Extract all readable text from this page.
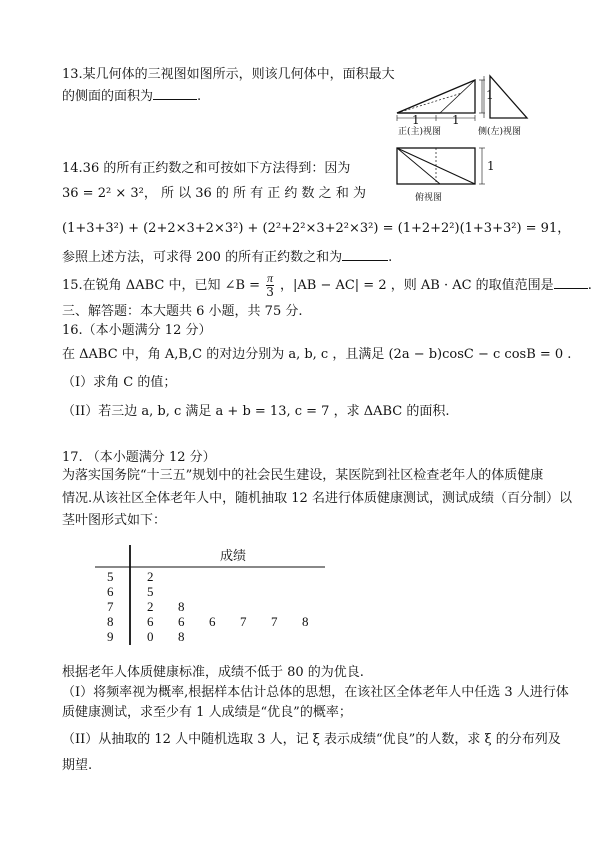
13.某几何体的三视图如图所示，则该几何体中，面积最大
的侧面的面积为	.
1	1
1
1
正(主)视图	侧(左)视图
俯视图
14.36 的所有正约数之和可按如下方法得到：因为
36 = 2² × 3²， 所 以 36 的 所 有 正 约 数 之 和 为
(1+3+3²) + (2+2×3+2×3²) + (2²+2²×3+2²×3²) = (1+2+2²)(1+3+3²) = 91，
参照上述方法，可求得 200 的所有正约数之和为	.
15.在锐角 ΔABC 中，已知 ∠B = $\frac{\pi}{3}$ ，|AB − AC| = 2 ，则 AB · AC 的取值范围是	.
三、解答题：本大题共 6 小题，共 75 分.
16.（本小题满分 12 分）
在 ΔABC 中，角 A,B,C 的对边分别为 a, b, c ，且满足 (2a − b)cosC − c cosB = 0 .
（I）求角 C 的值；
（II）若三边 a, b, c 满足 a + b = 13, c = 7 ，求 ΔABC 的面积.
17. （本小题满分 12 分）
为落实国务院“十三五”规划中的社会民生建设，某医院到社区检查老年人的体质健康
情况.从该社区全体老年人中，随机抽取 12 名进行体质健康测试，测试成绩（百分制）以
茎叶图形式如下：
成绩
5	2
6	5
7	2 8
8	6 6 6 7 7 8
9	0 8
根据老年人体质健康标准，成绩不低于 80 的为优良.
（I）将频率视为概率,根据样本估计总体的思想，在该社区全体老年人中任选 3 人进行体
质健康测试，求至少有 1 人成绩是“优良”的概率；
（II）从抽取的 12 人中随机选取 3 人，记 ξ 表示成绩“优良”的人数，求 ξ 的分布列及
期望.
